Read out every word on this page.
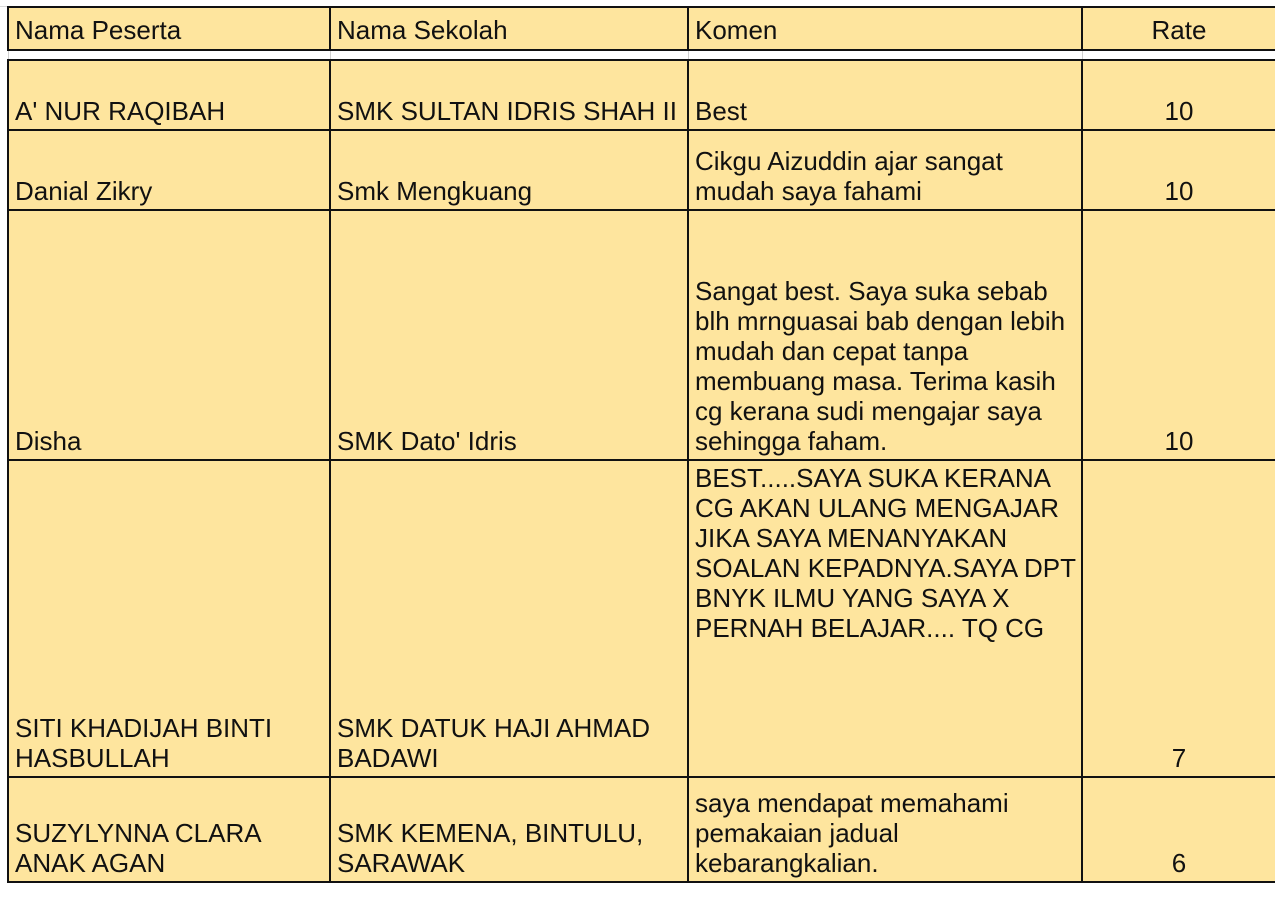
Nama Peserta	Nama Sekolah	Komen	Rate

A' NUR RAQIBAH	SMK SULTAN IDRIS SHAH II	Best	10
Danial Zikry	Smk Mengkuang	Cikgu Aizuddin ajar sangat mudah saya fahami	10
Disha	SMK Dato' Idris	Sangat best. Saya suka sebab blh mrnguasai bab dengan lebih mudah dan cepat tanpa membuang masa. Terima kasih cg kerana sudi mengajar saya sehingga faham.	10
SITI KHADIJAH BINTI HASBULLAH	SMK DATUK HAJI AHMAD BADAWI	BEST.....SAYA SUKA KERANA CG AKAN ULANG MENGAJAR JIKA SAYA MENANYAKAN SOALAN KEPADNYA.SAYA DPT BNYK ILMU YANG SAYA X PERNAH BELAJAR.... TQ CG	7
SUZYLYNNA CLARA ANAK AGAN	SMK KEMENA, BINTULU, SARAWAK	saya mendapat memahami pemakaian jadual kebarangkalian.	6
